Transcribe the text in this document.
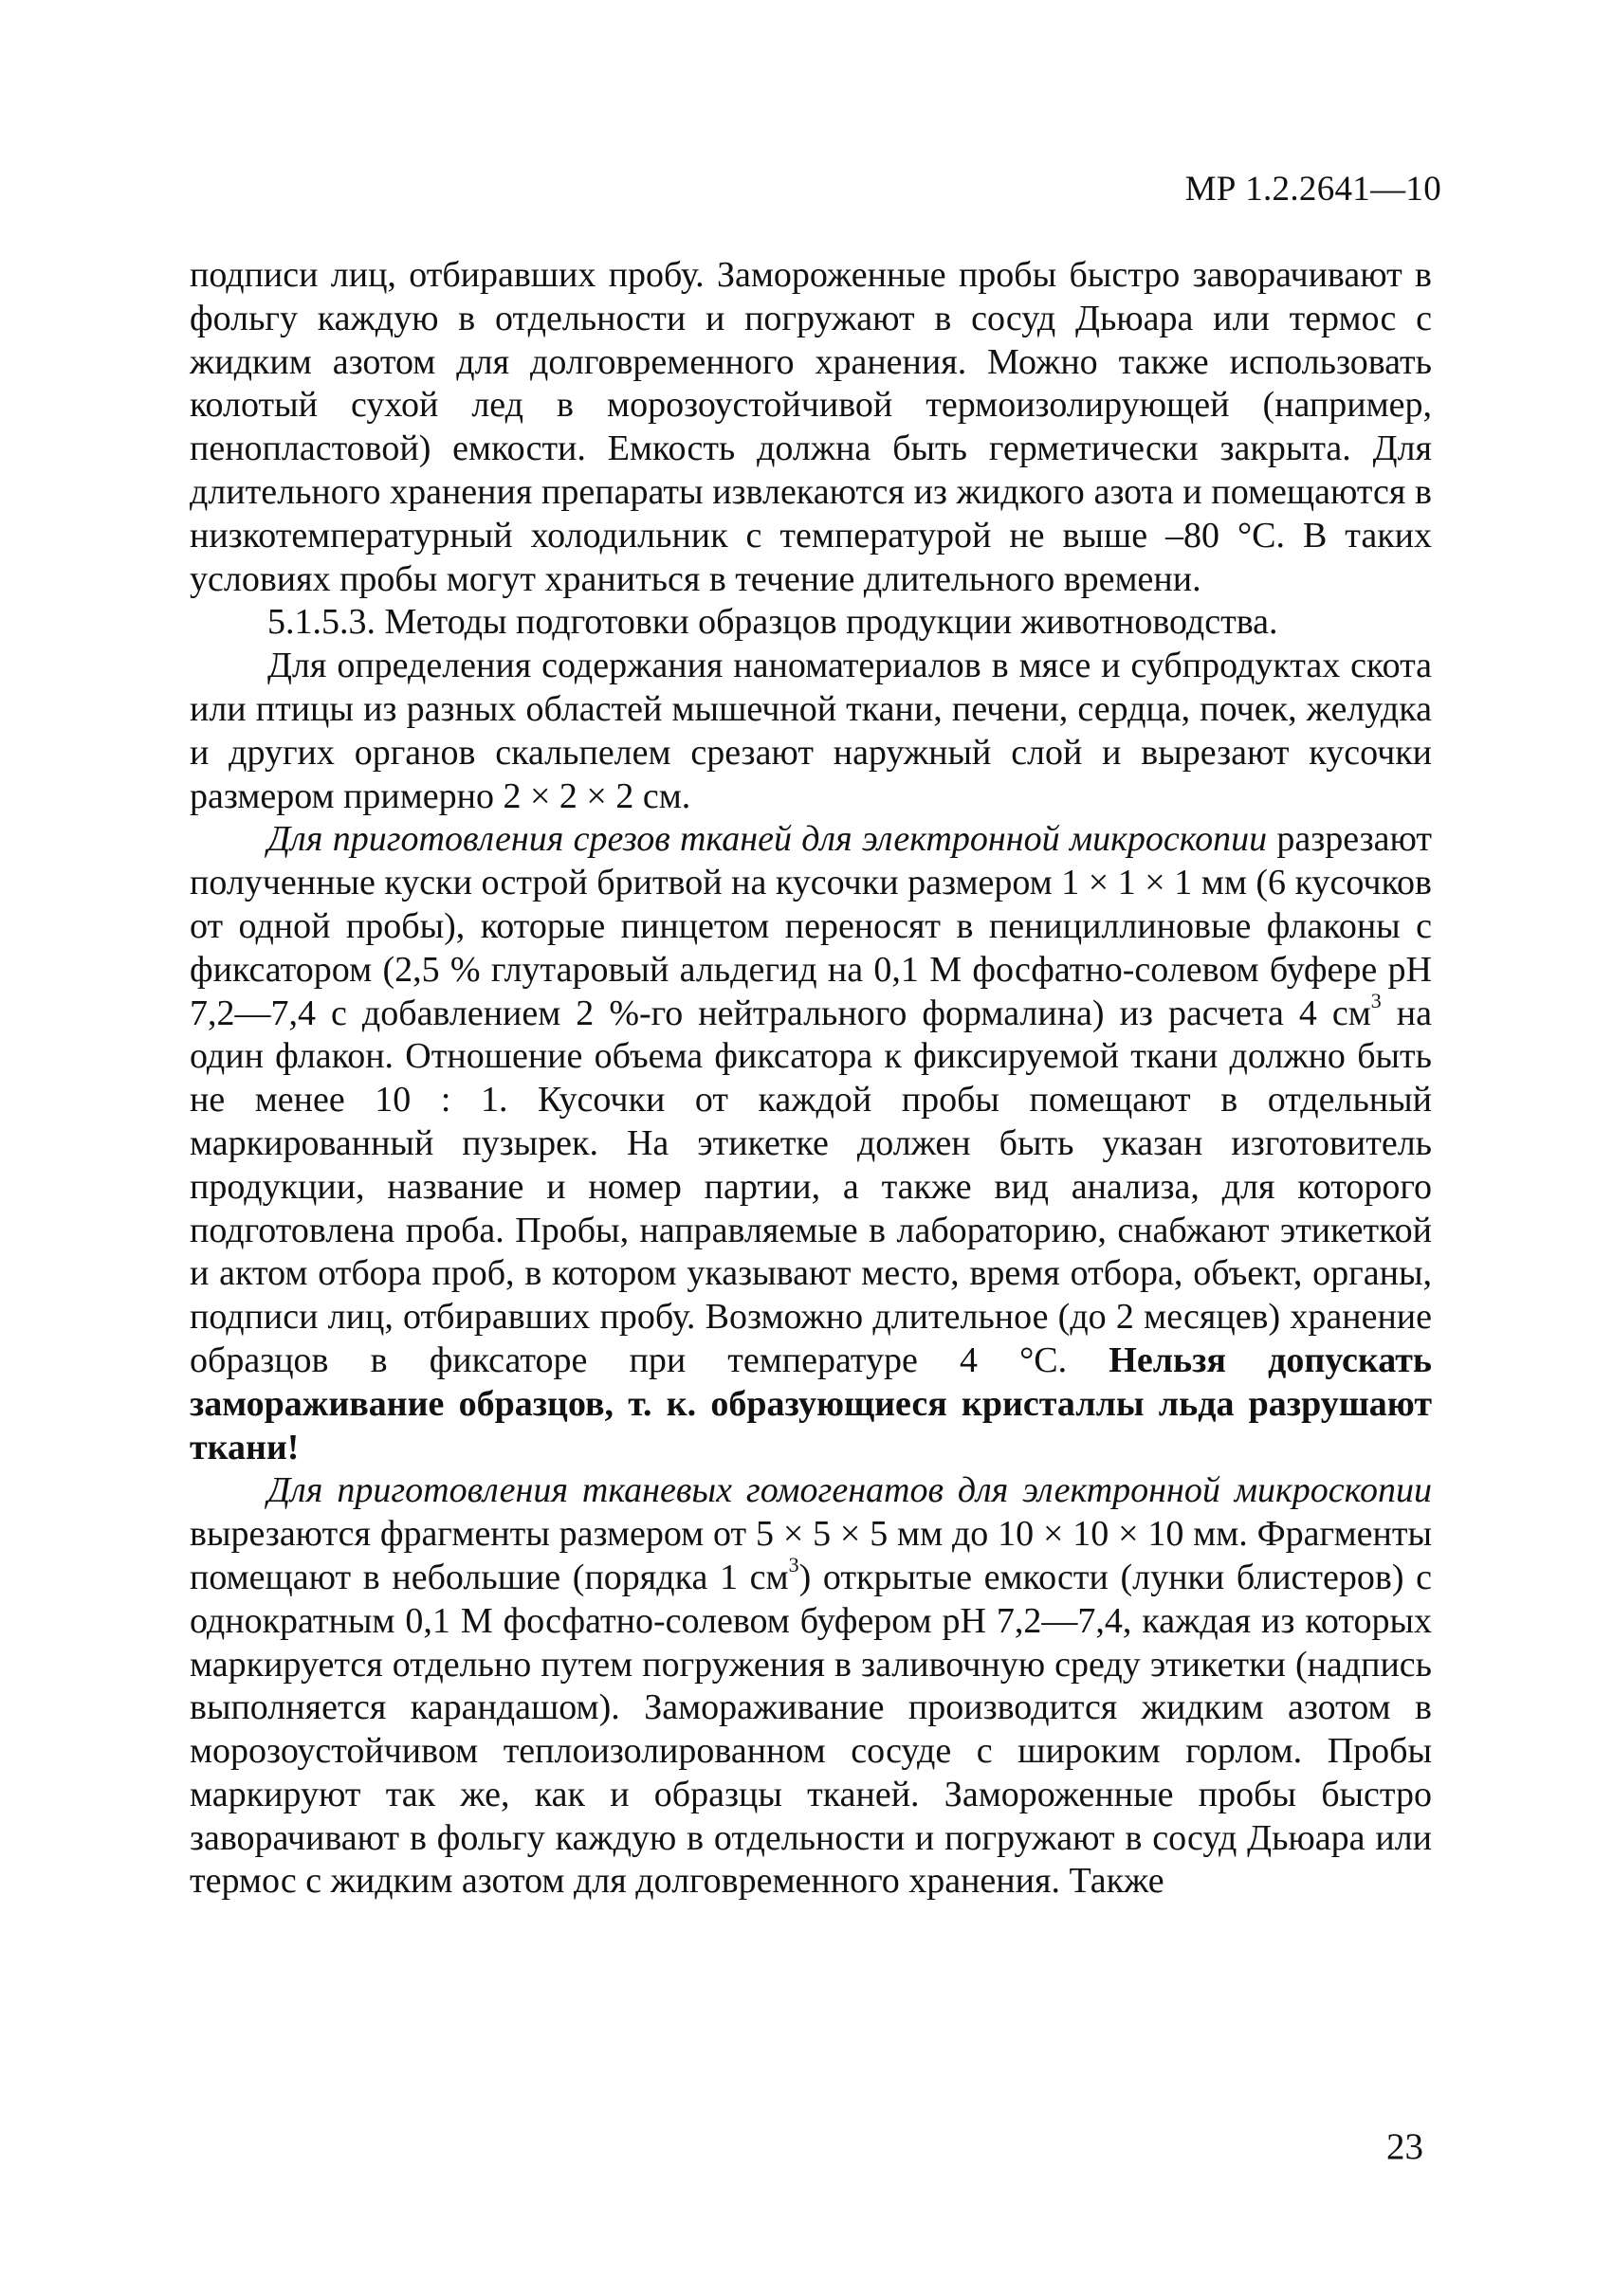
МР 1.2.2641—10

подписи лиц, отбиравших пробу. Замороженные пробы быстро заворачивают в фольгу каждую в отдельности и погружают в сосуд Дьюара или термос с жидким азотом для долговременного хранения. Можно также использовать колотый сухой лед в морозоустойчивой термоизолирующей (например, пенопластовой) емкости. Емкость должна быть герметически закрыта. Для длительного хранения препараты извлекаются из жидкого азота и помещаются в низкотемпературный холодильник с температурой не выше –80 °С. В таких условиях пробы могут храниться в течение длительного времени.

5.1.5.3. Методы подготовки образцов продукции животноводства.

Для определения содержания наноматериалов в мясе и субпродуктах скота или птицы из разных областей мышечной ткани, печени, сердца, почек, желудка и других органов скальпелем срезают наружный слой и вырезают кусочки размером примерно 2 × 2 × 2 см.

Для приготовления срезов тканей для электронной микроскопии разрезают полученные куски острой бритвой на кусочки размером 1 × 1 × 1 мм (6 кусочков от одной пробы), которые пинцетом переносят в пенициллиновые флаконы с фиксатором (2,5 % глутаровый альдегид на 0,1 М фосфатно-солевом буфере рН 7,2—7,4 с добавлением 2 %-го нейтрального формалина) из расчета 4 $см^3$ на один флакон. Отношение объема фиксатора к фиксируемой ткани должно быть не менее 10 : 1. Кусочки от каждой пробы помещают в отдельный маркированный пузырек. На этикетке должен быть указан изготовитель продукции, название и номер партии, а также вид анализа, для которого подготовлена проба. Пробы, направляемые в лабораторию, снабжают этикеткой и актом отбора проб, в котором указывают место, время отбора, объект, органы, подписи лиц, отбиравших пробу. Возможно длительное (до 2 месяцев) хранение образцов в фиксаторе при температуре 4 °С. Нельзя допускать замораживание образцов, т. к. образующиеся кристаллы льда разрушают ткани!

Для приготовления тканевых гомогенатов для электронной микроскопии вырезаются фрагменты размером от 5 × 5 × 5 мм до 10 × 10 × 10 мм. Фрагменты помещают в небольшие (порядка 1 $см^3$) открытые емкости (лунки блистеров) с однократным 0,1 М фосфатно-солевом буфером рН 7,2—7,4, каждая из которых маркируется отдельно путем погружения в заливочную среду этикетки (надпись выполняется карандашом). Замораживание производится жидким азотом в морозоустойчивом теплоизолированном сосуде с широким горлом. Пробы маркируют так же, как и образцы тканей. Замороженные пробы быстро заворачивают в фольгу каждую в отдельности и погружают в сосуд Дьюара или термос с жидким азотом для долговременного хранения. Также

23
